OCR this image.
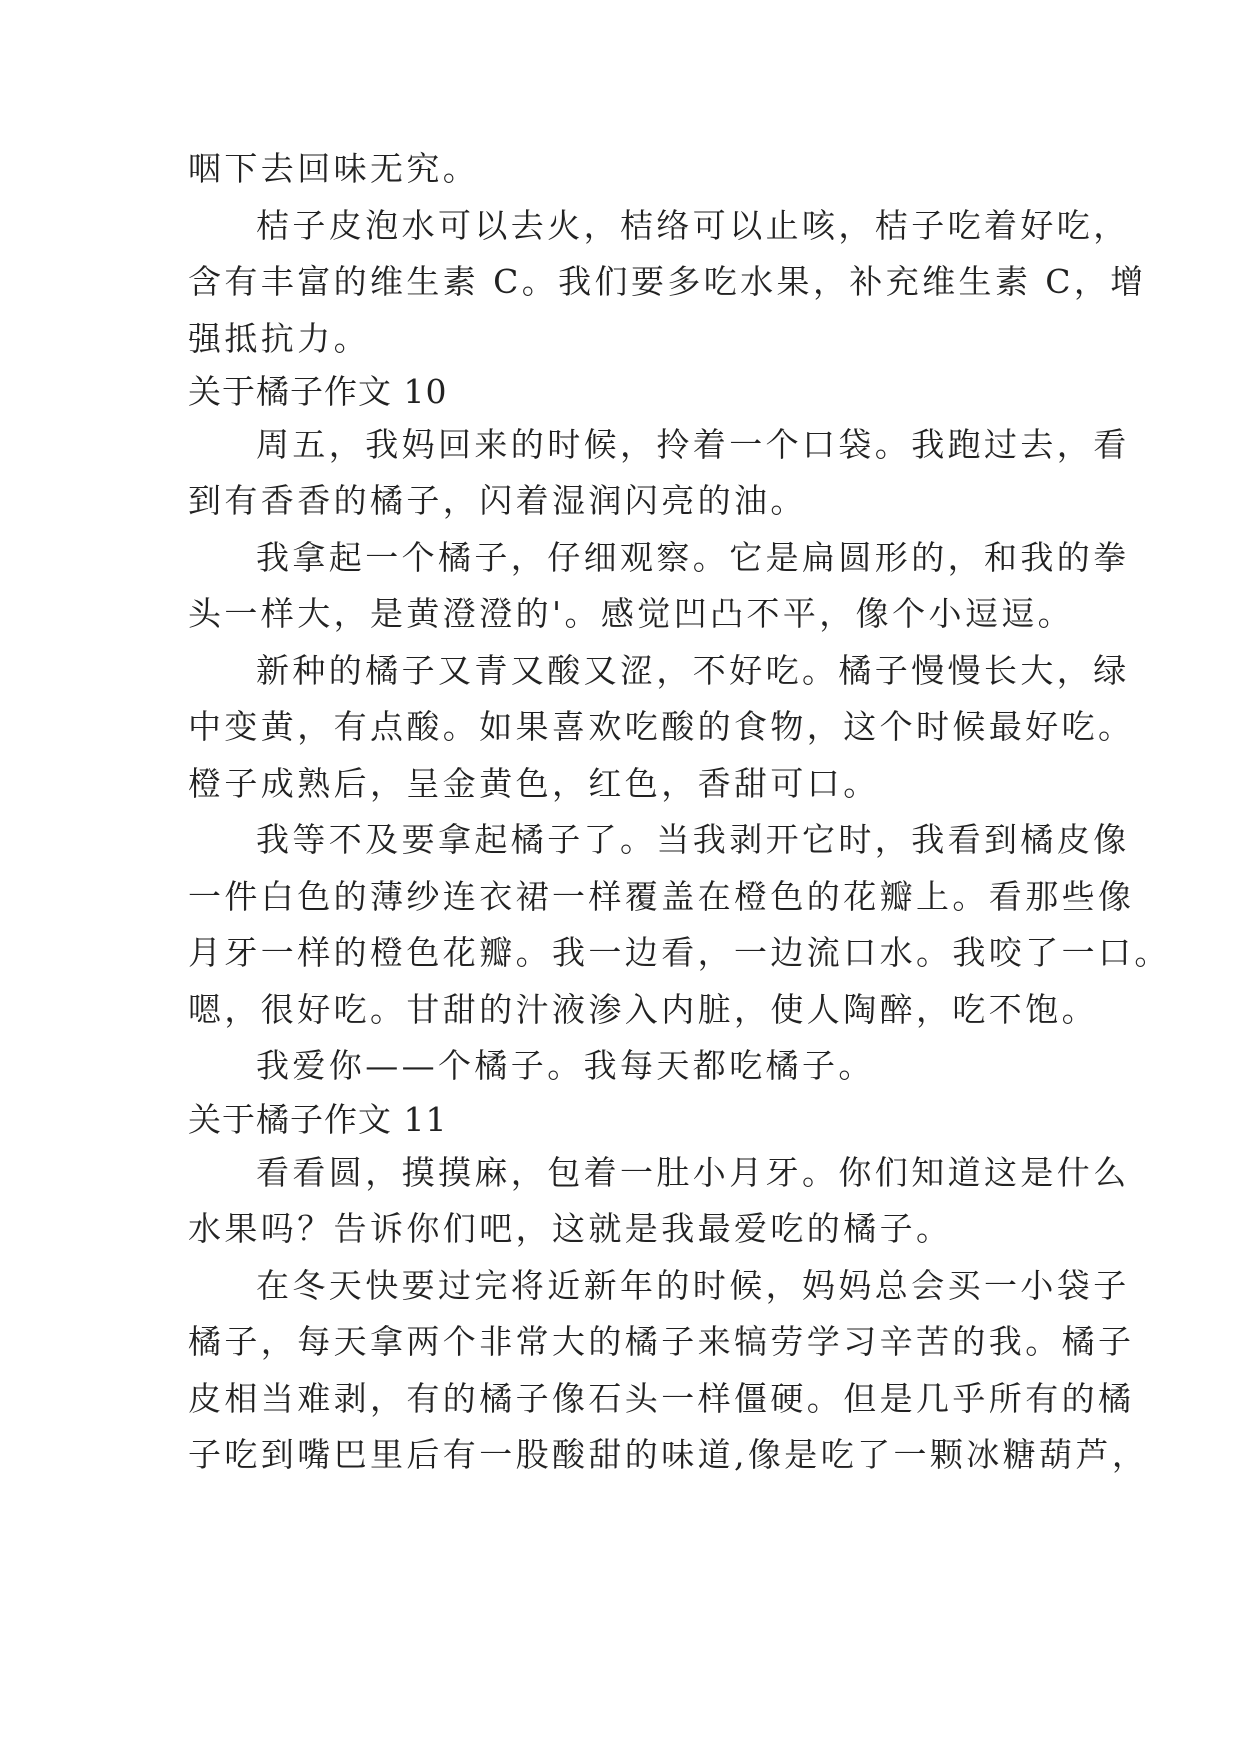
咽下去回味无究。
桔子皮泡水可以去火，桔络可以止咳，桔子吃着好吃，
含有丰富的维生素 C。我们要多吃水果，补充维生素 C，增
强抵抗力。
关于橘子作文 10
周五，我妈回来的时候，拎着一个口袋。我跑过去，看
到有香香的橘子，闪着湿润闪亮的油。
我拿起一个橘子，仔细观察。它是扁圆形的，和我的拳
头一样大，是黄澄澄的'。感觉凹凸不平，像个小逗逗。
新种的橘子又青又酸又涩，不好吃。橘子慢慢长大，绿
中变黄，有点酸。如果喜欢吃酸的食物，这个时候最好吃。
橙子成熟后，呈金黄色，红色，香甜可口。
我等不及要拿起橘子了。当我剥开它时，我看到橘皮像
一件白色的薄纱连衣裙一样覆盖在橙色的花瓣上。看那些像
月牙一样的橙色花瓣。我一边看，一边流口水。我咬了一口。
嗯，很好吃。甘甜的汁液渗入内脏，使人陶醉，吃不饱。
我爱你——个橘子。我每天都吃橘子。
关于橘子作文 11
看看圆，摸摸麻，包着一肚小月牙。你们知道这是什么
水果吗？告诉你们吧，这就是我最爱吃的橘子。
在冬天快要过完将近新年的时候，妈妈总会买一小袋子
橘子，每天拿两个非常大的橘子来犒劳学习辛苦的我。橘子
皮相当难剥，有的橘子像石头一样僵硬。但是几乎所有的橘
子吃到嘴巴里后有一股酸甜的味道,像是吃了一颗冰糖葫芦，
